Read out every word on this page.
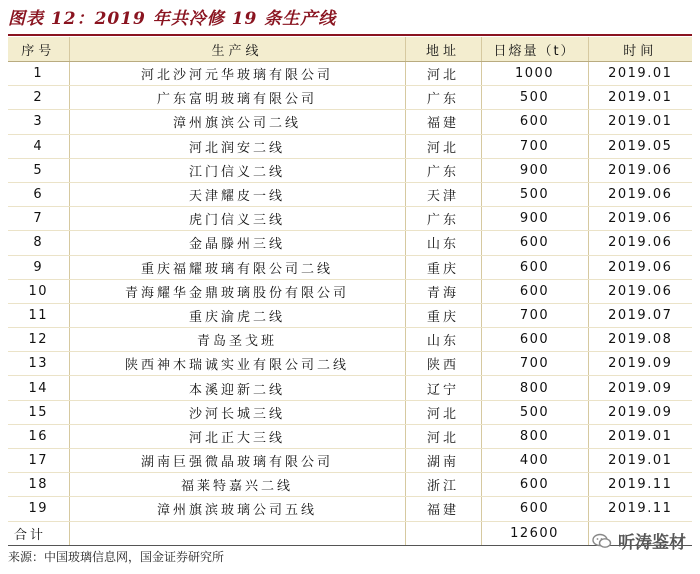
图表 12：2019 年共冷修 19 条生产线
序号	生产线	地址	日熔量（t）	时间
1	河北沙河元华玻璃有限公司	河北	1000	2019.01
2	广东富明玻璃有限公司	广东	500	2019.01
3	漳州旗滨公司二线	福建	600	2019.01
4	河北润安二线	河北	700	2019.05
5	江门信义二线	广东	900	2019.06
6	天津耀皮一线	天津	500	2019.06
7	虎门信义三线	广东	900	2019.06
8	金晶滕州三线	山东	600	2019.06
9	重庆福耀玻璃有限公司二线	重庆	600	2019.06
10	青海耀华金鼎玻璃股份有限公司	青海	600	2019.06
11	重庆渝虎二线	重庆	700	2019.07
12	青岛圣戈班	山东	600	2019.08
13	陕西神木瑞诚实业有限公司二线	陕西	700	2019.09
14	本溪迎新二线	辽宁	800	2019.09
15	沙河长城三线	河北	500	2019.09
16	河北正大三线	河北	800	2019.01
17	湖南巨强微晶玻璃有限公司	湖南	400	2019.01
18	福莱特嘉兴二线	浙江	600	2019.11
19	漳州旗滨玻璃公司五线	福建	600	2019.11
合计			12600	
来源：中国玻璃信息网，国金证券研究所
听涛鉴材
